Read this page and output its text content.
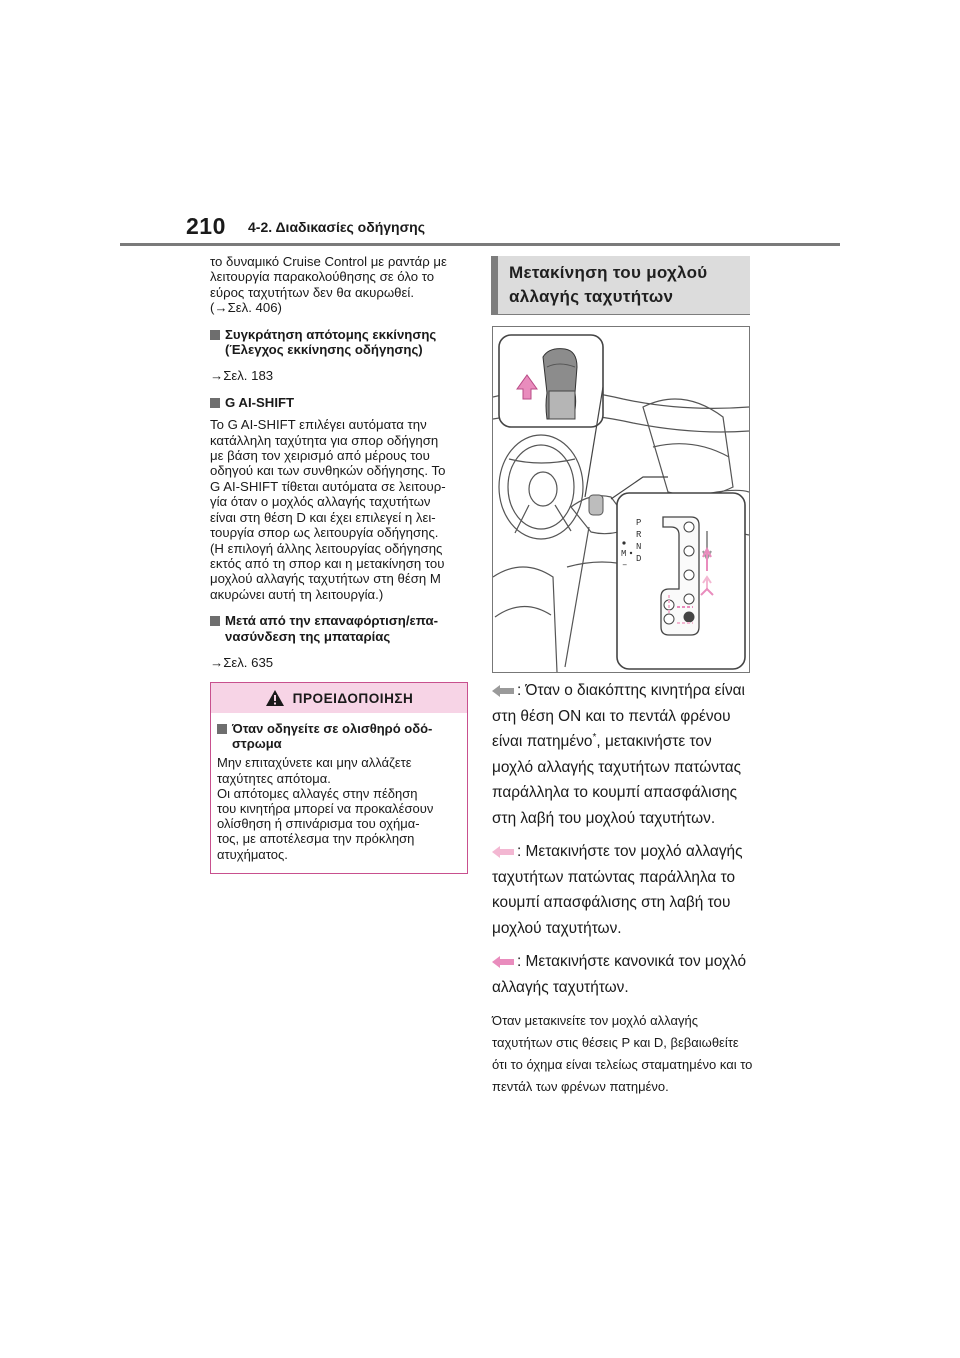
210 4-2. Διαδικασίες οδήγησης

το δυναμικό Cruise Control με ραντάρ με

λειτουργία παρακολούθησης σε όλο το

εύρος ταχυτήτων δεν θα ακυρωθεί.

(→Σελ. 406)

Συγκράτηση απότομης εκκίνησης
(Έλεγχος εκκίνησης οδήγησης)

→Σελ. 183

G AI-SHIFT

Το G AI-SHIFT επιλέγει αυτόματα την

κατάλληλη ταχύτητα για σπορ οδήγηση

με βάση τον χειρισμό από μέρους του

οδηγού και των συνθηκών οδήγησης. Το

G AI-SHIFT τίθεται αυτόματα σε λειτουρ-

γία όταν ο μοχλός αλλαγής ταχυτήτων

είναι στη θέση D και έχει επιλεγεί η λει-

τουργία σπορ ως λειτουργία οδήγησης.

(Η επιλογή άλλης λειτουργίας οδήγησης

εκτός από τη σπορ και η μετακίνηση του

μοχλού αλλαγής ταχυτήτων στη θέση M

ακυρώνει αυτή τη λειτουργία.)

Μετά από την επαναφόρτιση/επα-
νασύνδεση της μπαταρίας

→Σελ. 635

ΠΡΟΕΙΔΟΠΟΙΗΣΗ
Όταν οδηγείτε σε ολισθηρό οδό-
στρωμα

Μην επιταχύνετε και μην αλλάζετε

ταχύτητες απότομα.

Οι απότομες αλλαγές στην πέδηση

του κινητήρα μπορεί να προκαλέσουν

ολίσθηση ή σπινάρισμα του οχήμα-

τος, με αποτέλεσμα την πρόκληση

ατυχήματος.

Μετακίνηση του μοχλού
αλλαγής ταχυτήτων
P
R
N
D
M
–

: Όταν ο διακόπτης κινητήρα είναι στη θέση ON και το πεντάλ φρένου είναι πατημένο*, μετακινήστε τον μοχλό αλλαγής ταχυτήτων πατώντας παράλληλα το κουμπί απασφάλισης στη λαβή του μοχλού ταχυτήτων.

: Μετακινήστε τον μοχλό αλλαγής ταχυτήτων πατώντας παράλληλα το κουμπί απασφάλισης στη λαβή του μοχλού ταχυτήτων.

: Μετακινήστε κανονικά τον μοχλό αλλαγής ταχυτήτων.

Όταν μετακινείτε τον μοχλό αλλαγής ταχυτήτων στις θέσεις P και D, βεβαιωθείτε ότι το όχημα είναι τελείως σταματημένο και το πεντάλ των φρένων πατημένο.
